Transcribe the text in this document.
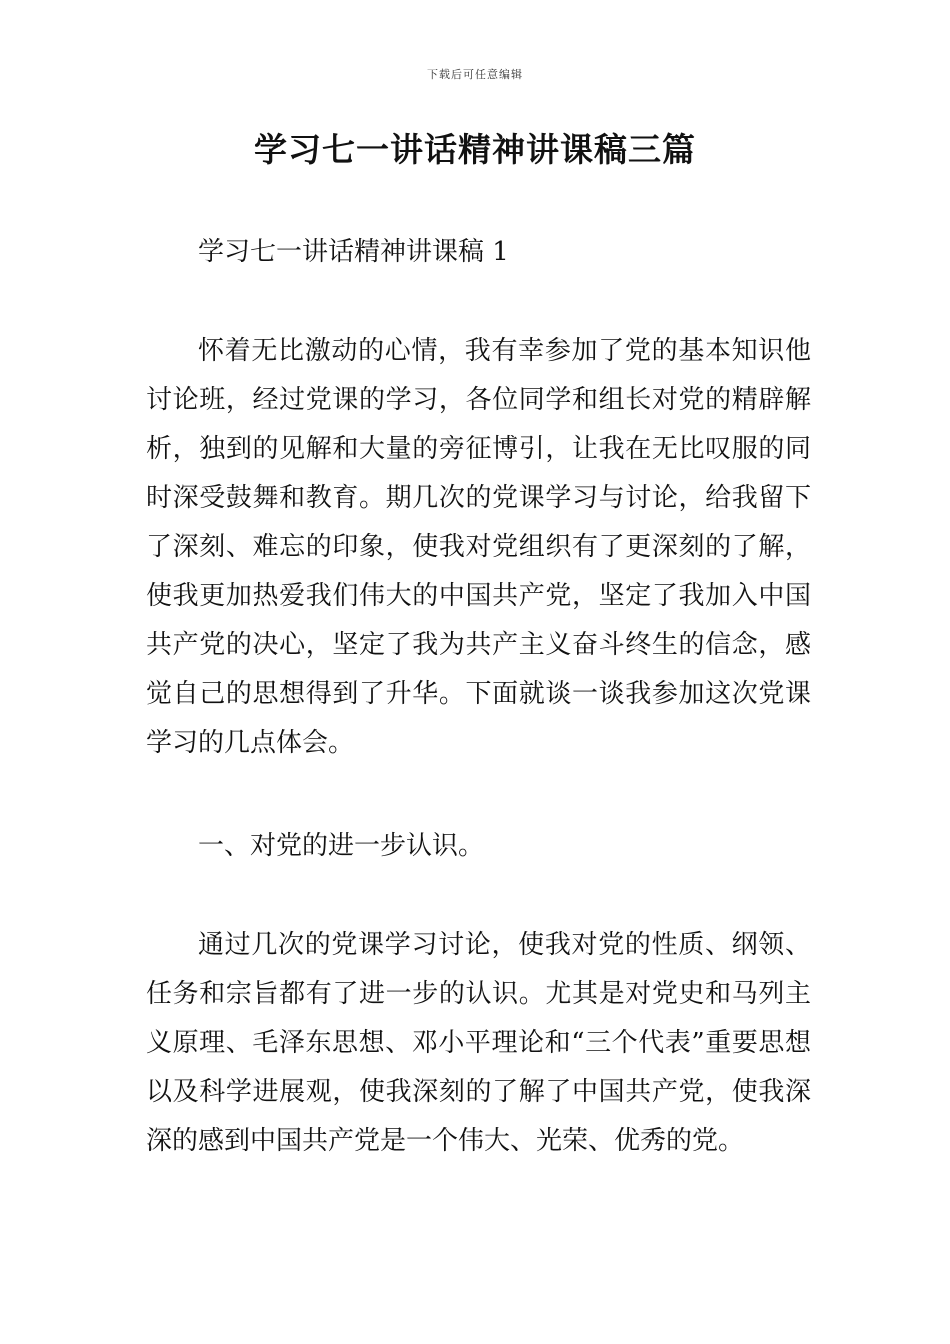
下载后可任意编辑
学习七一讲话精神讲课稿三篇

学习七一讲话精神讲课稿 1

怀着无比激动的心情，我有幸参加了党的基本知识他讨论班，经过党课的学习，各位同学和组长对党的精辟解析，独到的见解和大量的旁征博引，让我在无比叹服的同时深受鼓舞和教育。期几次的党课学习与讨论，给我留下了深刻、难忘的印象，使我对党组织有了更深刻的了解，使我更加热爱我们伟大的中国共产党，坚定了我加入中国共产党的决心，坚定了我为共产主义奋斗终生的信念，感觉自己的思想得到了升华。下面就谈一谈我参加这次党课学习的几点体会。

一、对党的进一步认识。

通过几次的党课学习讨论，使我对党的性质、纲领、任务和宗旨都有了进一步的认识。尤其是对党史和马列主义原理、毛泽东思想、邓小平理论和“三个代表”重要思想以及科学进展观，使我深刻的了解了中国共产党，使我深深的感到中国共产党是一个伟大、光荣、优秀的党。
